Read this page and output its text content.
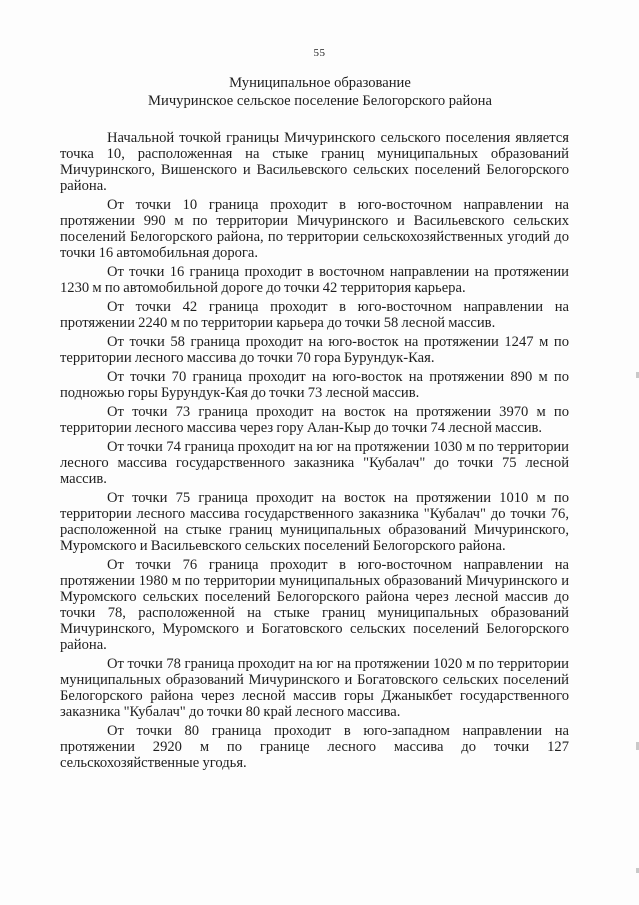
55
Муниципальное образование
Мичуринское сельское поселение Белогорского района

Начальной точкой границы Мичуринского сельского поселения является точка 10, расположенная на стыке границ муниципальных образований Мичуринского, Вишенского и Васильевского сельских поселений Белогорского района.

От точки 10 граница проходит в юго-восточном направлении на протяжении 990 м по территории Мичуринского и Васильевского сельских поселений Белогорского района, по территории сельскохозяйственных угодий до точки 16 автомобильная дорога.

От точки 16 граница проходит в восточном направлении на протяжении 1230 м по автомобильной дороге до точки 42 территория карьера.

От точки 42 граница проходит в юго-восточном направлении на протяжении 2240 м по территории карьера до точки 58 лесной массив.

От точки 58 граница проходит на юго-восток на протяжении 1247 м по территории лесного массива до точки 70 гора Бурундук-Кая.

От точки 70 граница проходит на юго-восток на протяжении 890 м по подножью горы Бурундук-Кая до точки 73 лесной массив.

От точки 73 граница проходит на восток на протяжении 3970 м по территории лесного массива через гору Алан-Кыр до точки 74 лесной массив.

От точки 74 граница проходит на юг на протяжении 1030 м по территории лесного массива государственного заказника "Кубалач" до точки 75 лесной массив.

От точки 75 граница проходит на восток на протяжении 1010 м по территории лесного массива государственного заказника "Кубалач" до точки 76, расположенной на стыке границ муниципальных образований Мичуринского, Муромского и Васильевского сельских поселений Белогорского района.

От точки 76 граница проходит в юго-восточном направлении на протяжении 1980 м по территории муниципальных образований Мичуринского и Муромского сельских поселений Белогорского района через лесной массив до точки 78, расположенной на стыке границ муниципальных образований Мичуринского, Муромского и Богатовского сельских поселений Белогорского района.

От точки 78 граница проходит на юг на протяжении 1020 м по территории муниципальных образований Мичуринского и Богатовского сельских поселений Белогорского района через лесной массив горы Джаныкбет государственного заказника "Кубалач" до точки 80 край лесного массива.

От точки 80 граница проходит в юго-западном направлении на протяжении 2920 м по границе лесного массива до точки 127 сельскохозяйственные угодья.
